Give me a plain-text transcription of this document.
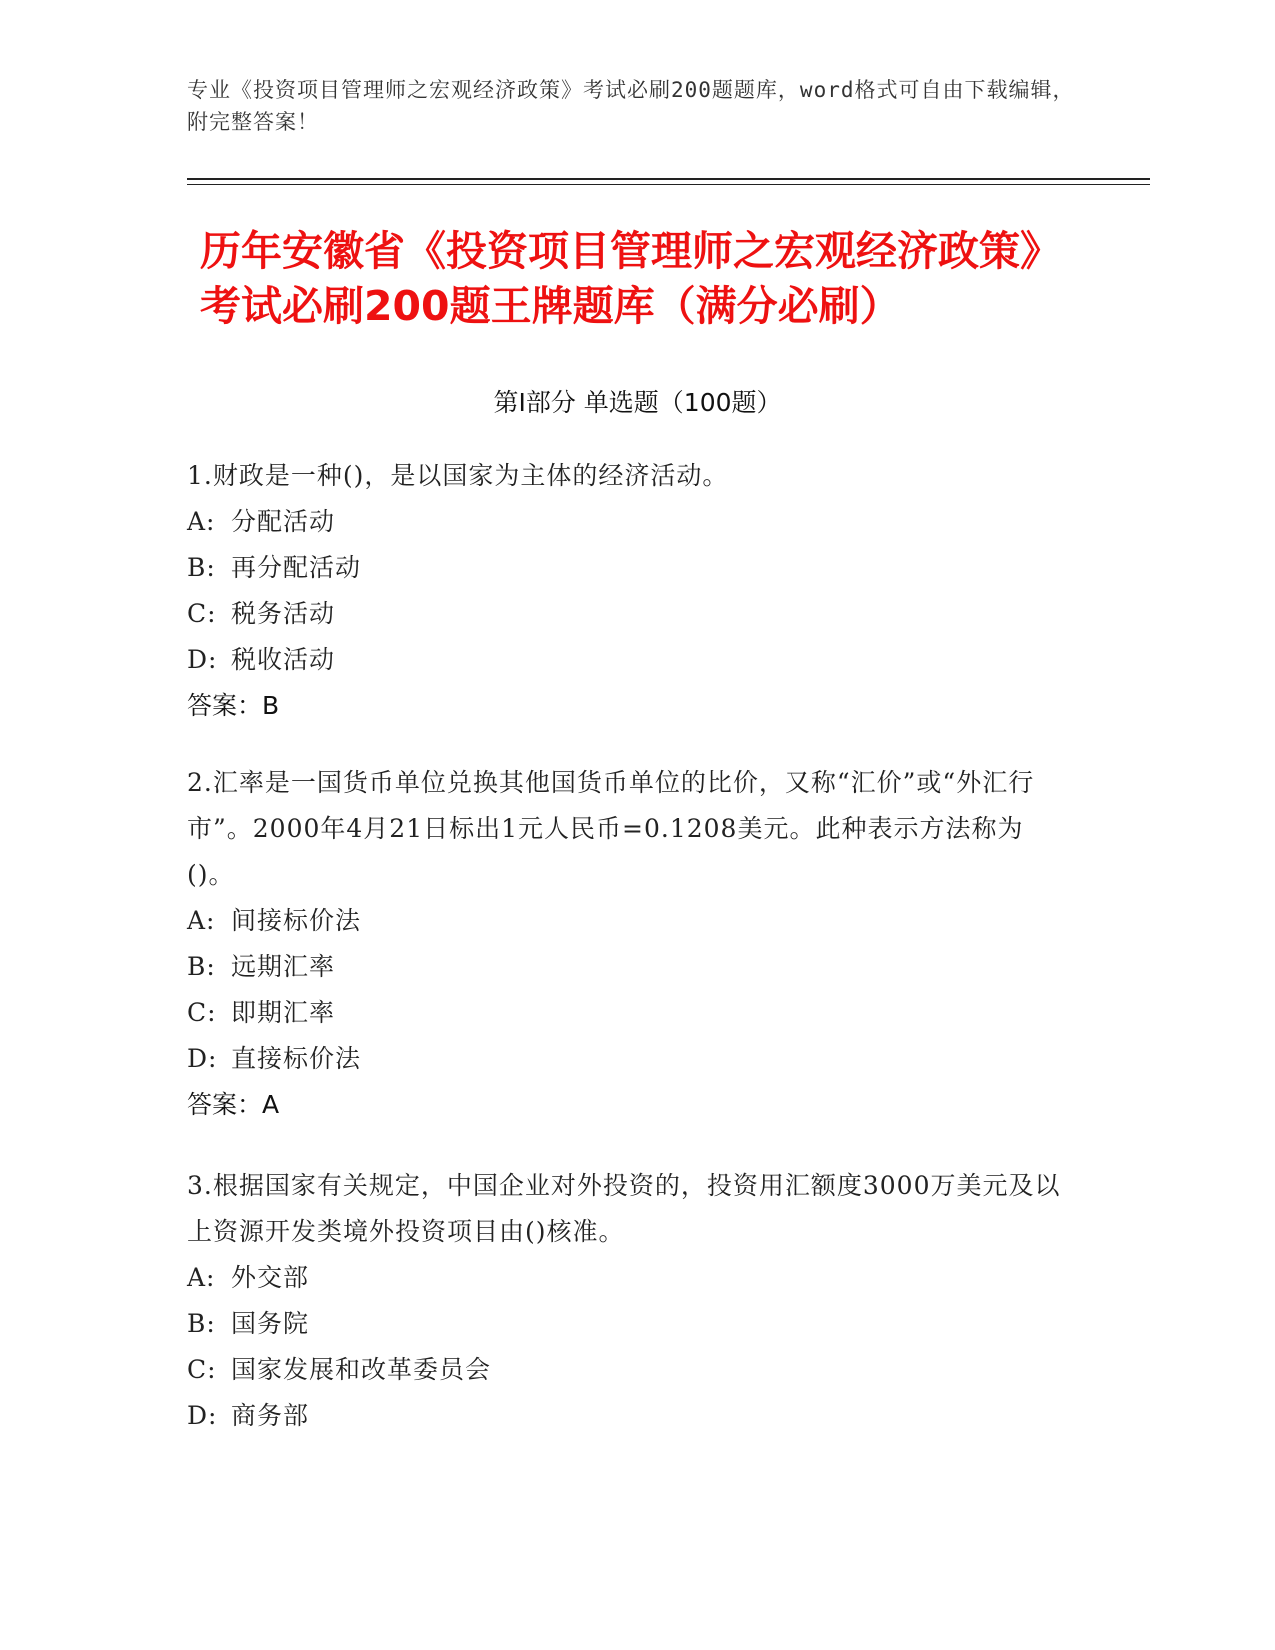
专业《投资项目管理师之宏观经济政策》考试必刷200题题库，word格式可自由下载编辑，附完整答案！
历年安徽省《投资项目管理师之宏观经济政策》考试必刷200题王牌题库（满分必刷）
第I部分 单选题（100题）

1.财政是一种()，是以国家为主体的经济活动。

A: 分配活动

B: 再分配活动

C: 税务活动

D: 税收活动

答案：B

2.汇率是一国货币单位兑换其他国货币单位的比价，又称“汇价”或“外汇行市”。2000年4月21日标出1元人民币=0.1208美元。此种表示方法称为()。

A: 间接标价法

B: 远期汇率

C: 即期汇率

D: 直接标价法

答案：A

3.根据国家有关规定，中国企业对外投资的，投资用汇额度3000万美元及以上资源开发类境外投资项目由()核准。

A: 外交部

B: 国务院

C: 国家发展和改革委员会

D: 商务部
